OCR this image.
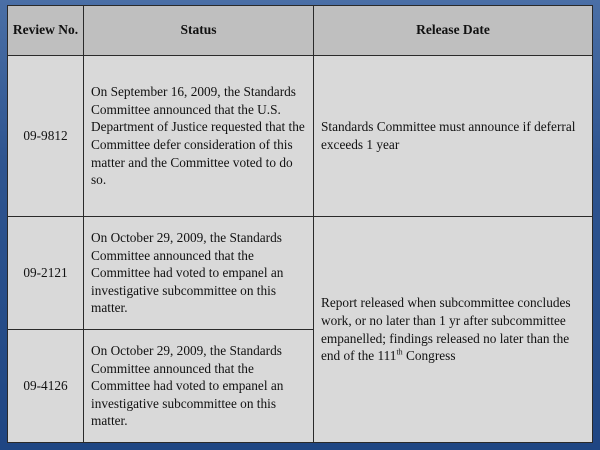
Review No.	Status	Release Date
09-9812	On September 16, 2009, the Standards Committee announced that the U.S. Department of Justice requested that the Committee defer consideration of this matter and the Committee voted to do so.	Standards Committee must announce if deferral exceeds 1 year
09-2121	On October 29, 2009, the Standards Committee announced that the Committee had voted to empanel an investigative subcommittee on this matter.	Report released when subcommittee concludes work, or no later than 1 yr after subcommittee empanelled; findings released no later than the end of the 111th Congress
09-4126	On October 29, 2009, the Standards Committee announced that the Committee had voted to empanel an investigative subcommittee on this matter.	
